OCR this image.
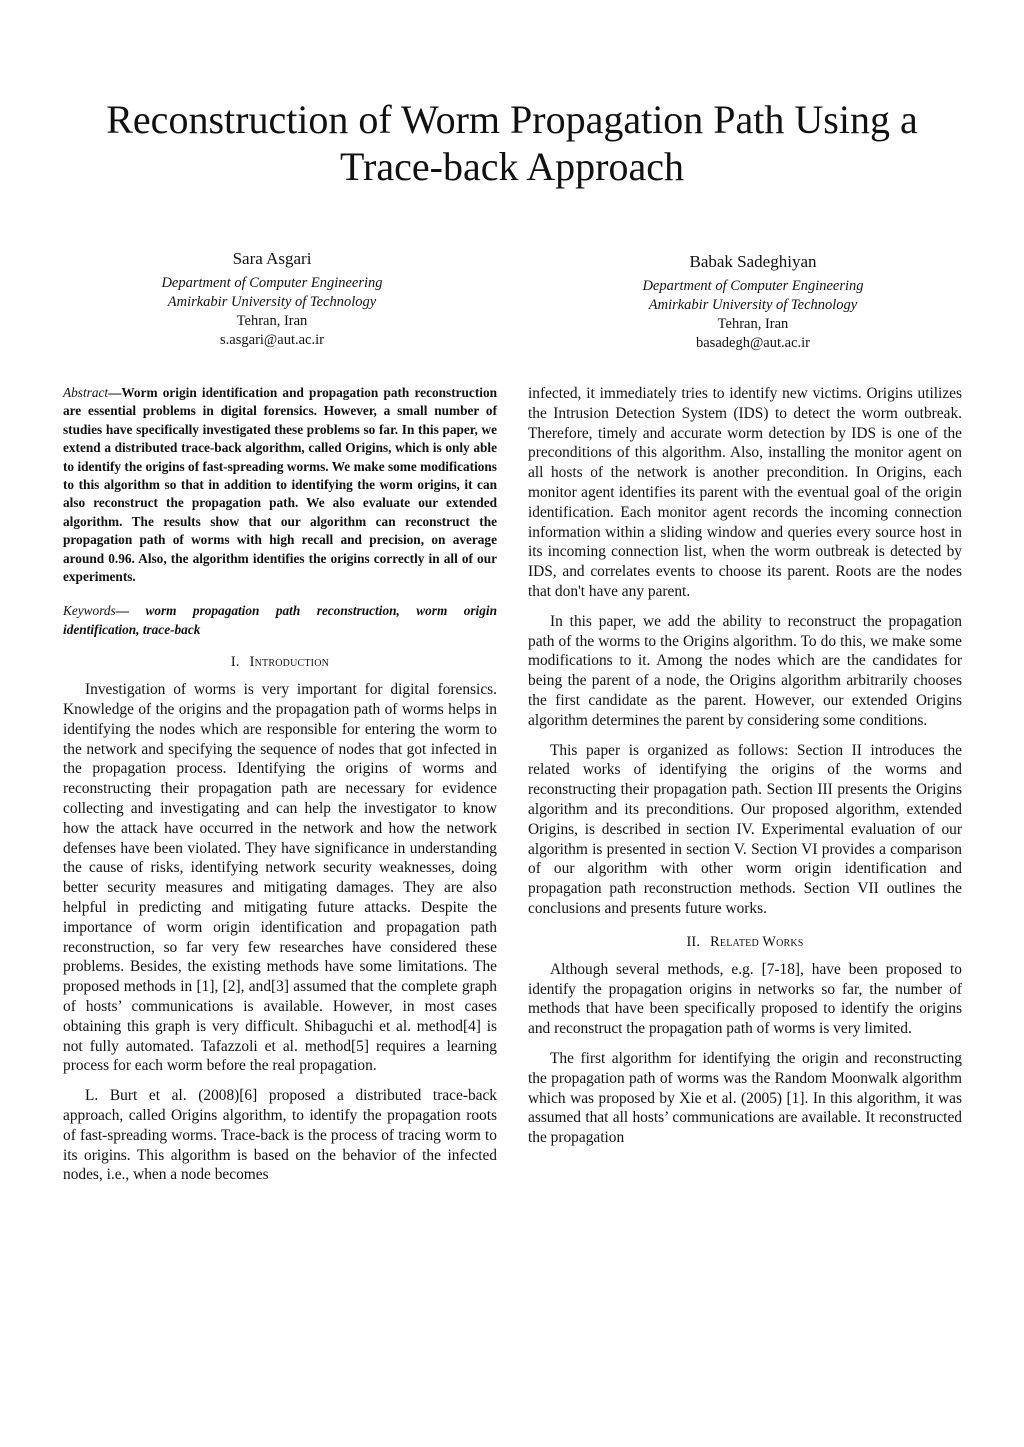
Reconstruction of Worm Propagation Path Using a Trace-back Approach
Sara Asgari
Department of Computer Engineering
Amirkabir University of Technology
Tehran, Iran
s.asgari@aut.ac.ir
Babak Sadeghiyan
Department of Computer Engineering
Amirkabir University of Technology
Tehran, Iran
basadegh@aut.ac.ir

Abstract—Worm origin identification and propagation path reconstruction are essential problems in digital forensics. However, a small number of studies have specifically investigated these problems so far. In this paper, we extend a distributed trace-back algorithm, called Origins, which is only able to identify the origins of fast-spreading worms. We make some modifications to this algorithm so that in addition to identifying the worm origins, it can also reconstruct the propagation path. We also evaluate our extended algorithm. The results show that our algorithm can reconstruct the propagation path of worms with high recall and precision, on average around 0.96. Also, the algorithm identifies the origins correctly in all of our experiments.

Keywords— worm propagation path reconstruction, worm origin identification, trace-back

I. Introduction

Investigation of worms is very important for digital forensics. Knowledge of the origins and the propagation path of worms helps in identifying the nodes which are responsible for entering the worm to the network and specifying the sequence of nodes that got infected in the propagation process. Identifying the origins of worms and reconstructing their propagation path are necessary for evidence collecting and investigating and can help the investigator to know how the attack have occurred in the network and how the network defenses have been violated. They have significance in understanding the cause of risks, identifying network security weaknesses, doing better security measures and mitigating damages. They are also helpful in predicting and mitigating future attacks. Despite the importance of worm origin identification and propagation path reconstruction, so far very few researches have considered these problems. Besides, the existing methods have some limitations. The proposed methods in [1], [2], and[3] assumed that the complete graph of hosts’ communications is available. However, in most cases obtaining this graph is very difficult. Shibaguchi et al. method[4] is not fully automated. Tafazzoli et al. method[5] requires a learning process for each worm before the real propagation.

L. Burt et al. (2008)[6] proposed a distributed trace-back approach, called Origins algorithm, to identify the propagation roots of fast-spreading worms. Trace-back is the process of tracing worm to its origins. This algorithm is based on the behavior of the infected nodes, i.e., when a node becomes

infected, it immediately tries to identify new victims. Origins utilizes the Intrusion Detection System (IDS) to detect the worm outbreak. Therefore, timely and accurate worm detection by IDS is one of the preconditions of this algorithm. Also, installing the monitor agent on all hosts of the network is another precondition. In Origins, each monitor agent identifies its parent with the eventual goal of the origin identification. Each monitor agent records the incoming connection information within a sliding window and queries every source host in its incoming connection list, when the worm outbreak is detected by IDS, and correlates events to choose its parent. Roots are the nodes that don't have any parent.

In this paper, we add the ability to reconstruct the propagation path of the worms to the Origins algorithm. To do this, we make some modifications to it. Among the nodes which are the candidates for being the parent of a node, the Origins algorithm arbitrarily chooses the first candidate as the parent. However, our extended Origins algorithm determines the parent by considering some conditions.

This paper is organized as follows: Section II introduces the related works of identifying the origins of the worms and reconstructing their propagation path. Section III presents the Origins algorithm and its preconditions. Our proposed algorithm, extended Origins, is described in section IV. Experimental evaluation of our algorithm is presented in section V. Section VI provides a comparison of our algorithm with other worm origin identification and propagation path reconstruction methods. Section VII outlines the conclusions and presents future works.

II. Related Works

Although several methods, e.g. [7-18], have been proposed to identify the propagation origins in networks so far, the number of methods that have been specifically proposed to identify the origins and reconstruct the propagation path of worms is very limited.

The first algorithm for identifying the origin and reconstructing the propagation path of worms was the Random Moonwalk algorithm which was proposed by Xie et al. (2005) [1]. In this algorithm, it was assumed that all hosts’ communications are available. It reconstructed the propagation
